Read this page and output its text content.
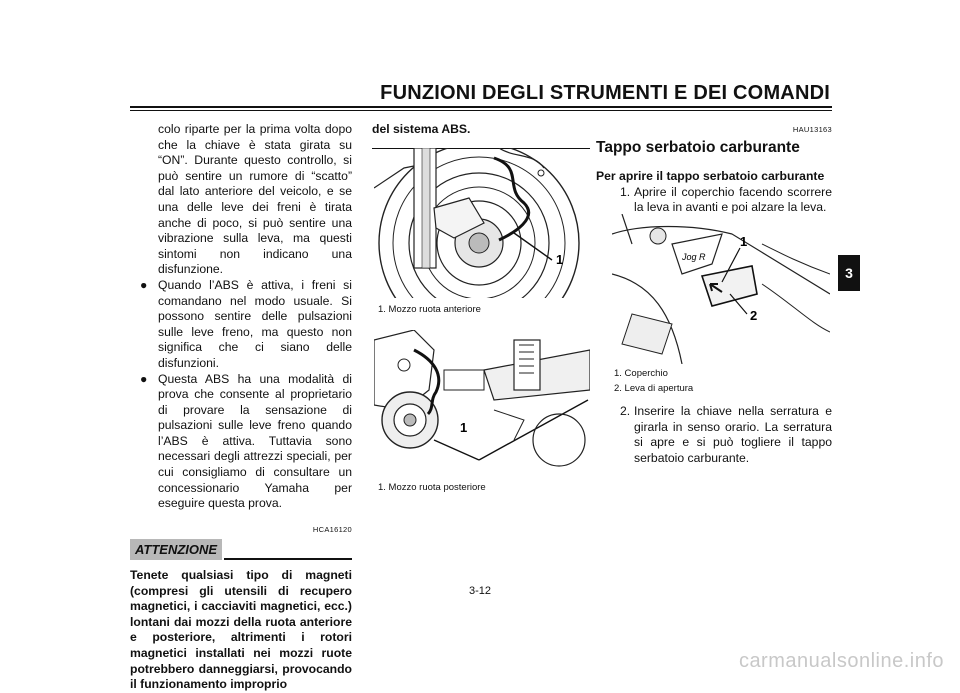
FUNZIONI DEGLI STRUMENTI E DEI COMANDI
3
colo riparte per la prima volta dopo che la chiave è stata girata su “ON”. Durante questo controllo, si può sentire un rumore di “scatto” dal lato anteriore del veicolo, e se una delle leve dei freni è tirata anche di poco, si può sentire una vibrazione sulla leva, ma questi sintomi non indicano una disfunzione.
● Quando l’ABS è attiva, i freni si comandano nel modo usuale. Si possono sentire delle pulsazioni sulle leve freno, ma questo non significa che ci siano delle disfunzioni.
● Questa ABS ha una modalità di prova che consente al proprietario di provare la sensazione di pulsazioni sulle leve freno quando l’ABS è attiva. Tuttavia sono necessari degli attrezzi speciali, per cui consigliamo di consultare un concessionario Yamaha per eseguire questa prova.
HCA16120
ATTENZIONE
Tenete qualsiasi tipo di magneti (compresi gli utensili di recupero magnetici, i cacciaviti magnetici, ecc.) lontani dai mozzi della ruota anteriore e posteriore, altrimenti i rotori magnetici installati nei mozzi ruote potrebbero danneggiarsi, provocando il funzionamento improprio
del sistema ABS.
1
1. Mozzo ruota anteriore
1
1. Mozzo ruota posteriore
HAU13163
Tappo serbatoio carburante
Per aprire il tappo serbatoio carburante
1. Aprire il coperchio facendo scorrere la leva in avanti e poi alzare la leva.
Jog R
1
2
1. Coperchio
2. Leva di apertura
2. Inserire la chiave nella serratura e girarla in senso orario. La serratura si apre e si può togliere il tappo serbatoio carburante.
3-12
carmanualsonline.info
